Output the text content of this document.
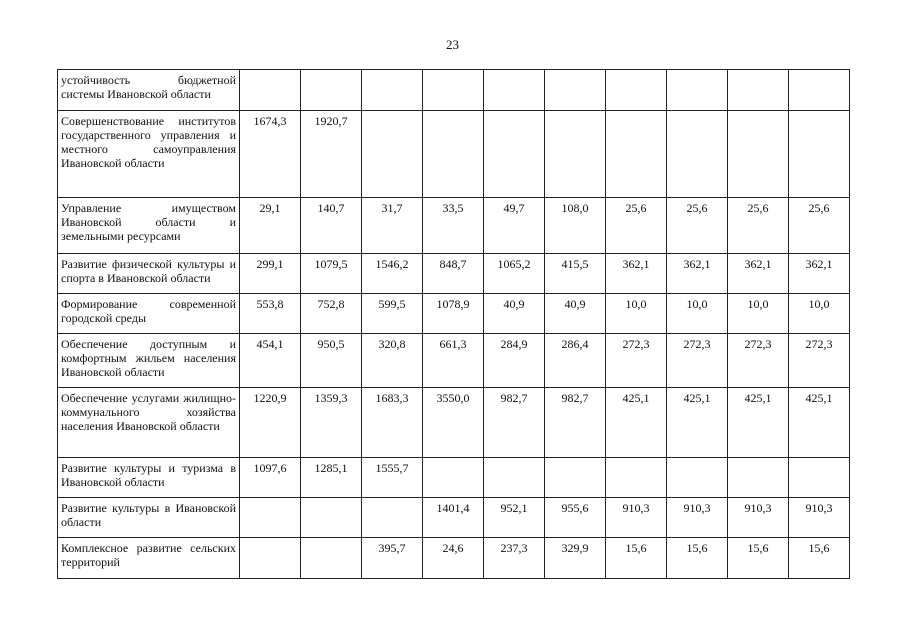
23
устойчивость бюджетной системы Ивановской области										
Совершенствование институтов государственного управления и местного самоуправления Ивановской области	1674,3	1920,7								
Управление имуществом Ивановской области и земельными ресурсами	29,1	140,7	31,7	33,5	49,7	108,0	25,6	25,6	25,6	25,6
Развитие физической культуры и спорта в Ивановской области	299,1	1079,5	1546,2	848,7	1065,2	415,5	362,1	362,1	362,1	362,1
Формирование современной городской среды	553,8	752,8	599,5	1078,9	40,9	40,9	10,0	10,0	10,0	10,0
Обеспечение доступным и комфортным жильем населения Ивановской области	454,1	950,5	320,8	661,3	284,9	286,4	272,3	272,3	272,3	272,3
Обеспечение услугами жилищно-коммунального хозяйства населения Ивановской области	1220,9	1359,3	1683,3	3550,0	982,7	982,7	425,1	425,1	425,1	425,1
Развитие культуры и туризма в Ивановской области	1097,6	1285,1	1555,7							
Развитие культуры в Ивановской области				1401,4	952,1	955,6	910,3	910,3	910,3	910,3
Комплексное развитие сельских территорий			395,7	24,6	237,3	329,9	15,6	15,6	15,6	15,6
